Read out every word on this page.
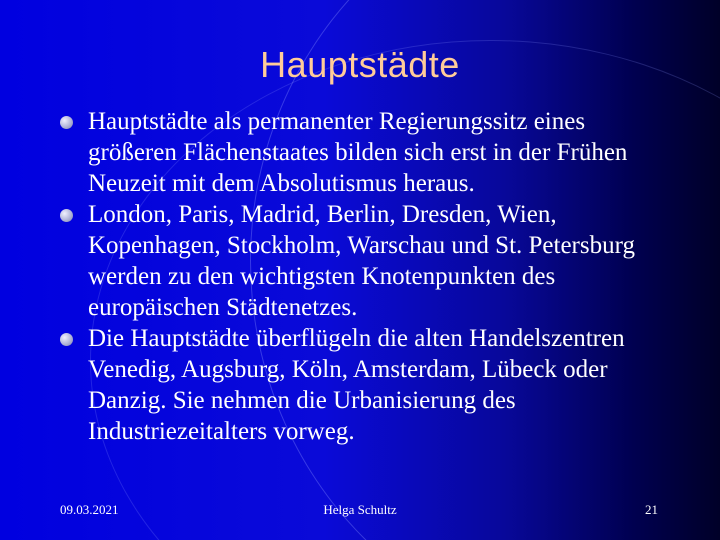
Hauptstädte
Hauptstädte als permanenter Regierungssitz eines größeren Flächenstaates bilden sich erst in der Frühen Neuzeit mit dem Absolutismus heraus.
London, Paris, Madrid, Berlin, Dresden, Wien, Kopenhagen, Stockholm, Warschau und St. Petersburg werden zu den wichtigsten Knotenpunkten des europäischen Städtenetzes.
Die Hauptstädte überflügeln die alten Handelszentren Venedig, Augsburg, Köln, Amsterdam, Lübeck oder Danzig. Sie nehmen die Urbanisierung des Industriezeitalters vorweg.
09.03.2021	Helga Schultz	21
